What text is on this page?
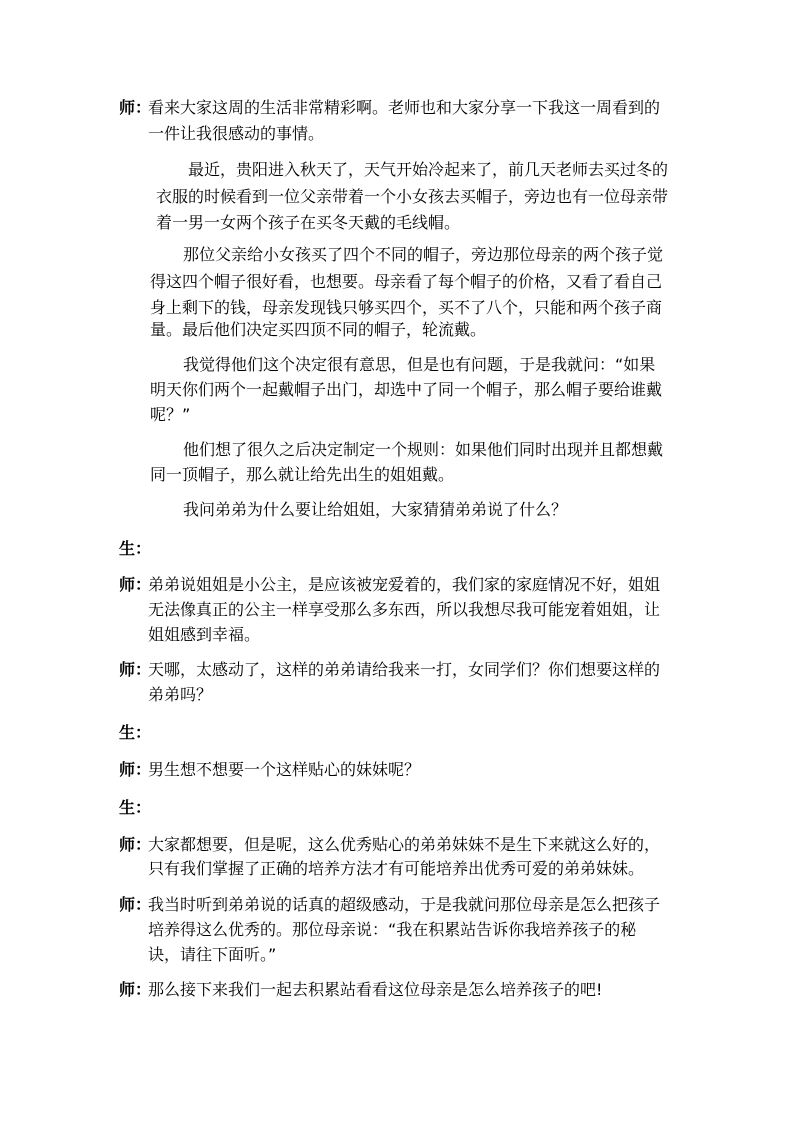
师：
看来大家这周的生活非常精彩啊。老师也和大家分享一下我这一周看到的
一件让我很感动的事情。
最近，贵阳进入秋天了，天气开始冷起来了，前几天老师去买过冬的
衣服的时候看到一位父亲带着一个小女孩去买帽子，旁边也有一位母亲带
着一男一女两个孩子在买冬天戴的毛线帽。
那位父亲给小女孩买了四个不同的帽子，旁边那位母亲的两个孩子觉
得这四个帽子很好看，也想要。母亲看了每个帽子的价格，又看了看自己
身上剩下的钱，母亲发现钱只够买四个，买不了八个，只能和两个孩子商
量。最后他们决定买四顶不同的帽子，轮流戴。
我觉得他们这个决定很有意思，但是也有问题，于是我就问：“如果
明天你们两个一起戴帽子出门，却选中了同一个帽子，那么帽子要给谁戴
呢？”
他们想了很久之后决定制定一个规则：如果他们同时出现并且都想戴
同一顶帽子，那么就让给先出生的姐姐戴。
我问弟弟为什么要让给姐姐，大家猜猜弟弟说了什么？
生：
师：
弟弟说姐姐是小公主，是应该被宠爱着的，我们家的家庭情况不好，姐姐
无法像真正的公主一样享受那么多东西，所以我想尽我可能宠着姐姐，让
姐姐感到幸福。
师：
天哪，太感动了，这样的弟弟请给我来一打，女同学们？你们想要这样的
弟弟吗？
生：
师：
男生想不想要一个这样贴心的妹妹呢？
生：
师：
大家都想要，但是呢，这么优秀贴心的弟弟妹妹不是生下来就这么好的，
只有我们掌握了正确的培养方法才有可能培养出优秀可爱的弟弟妹妹。
师：
我当时听到弟弟说的话真的超级感动，于是我就问那位母亲是怎么把孩子
培养得这么优秀的。那位母亲说：“我在积累站告诉你我培养孩子的秘
诀，请往下面听。”
师：
那么接下来我们一起去积累站看看这位母亲是怎么培养孩子的吧!
